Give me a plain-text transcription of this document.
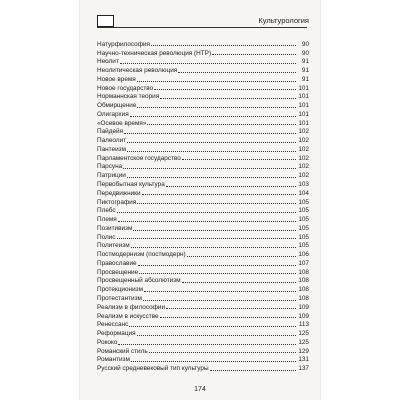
Культурология
Натурфилософия	90
Научно-техническая революция (НТР)	90
Неолит	91
Неолитическая революция	91
Новое время	91
Новое государство	101
Норманнская теория	101
Обмирщение	101
Олигархия	101
«Осевое время»	101
Пайдейя	102
Палеолит	102
Пантеизм	102
Парламентское государство	102
Парсуна	102
Патриции	102
Первобытная культура	103
Передвижники	104
Пиктография	105
Плебс	105
Племя	105
Позитивизм	105
Полис	105
Политеизм	105
Постмодернизм (постмодерн)	106
Православие	107
Просвещение	108
Просвещенный абсолютизм	108
Протекционизм	108
Протестантизм	108
Реализм в философии	109
Реализм в искусстве	109
Ренессанс	113
Реформация	125
Рококо	125
Романский стиль	129
Романтизм	131
Русский средневековый тип культуры	137
174
